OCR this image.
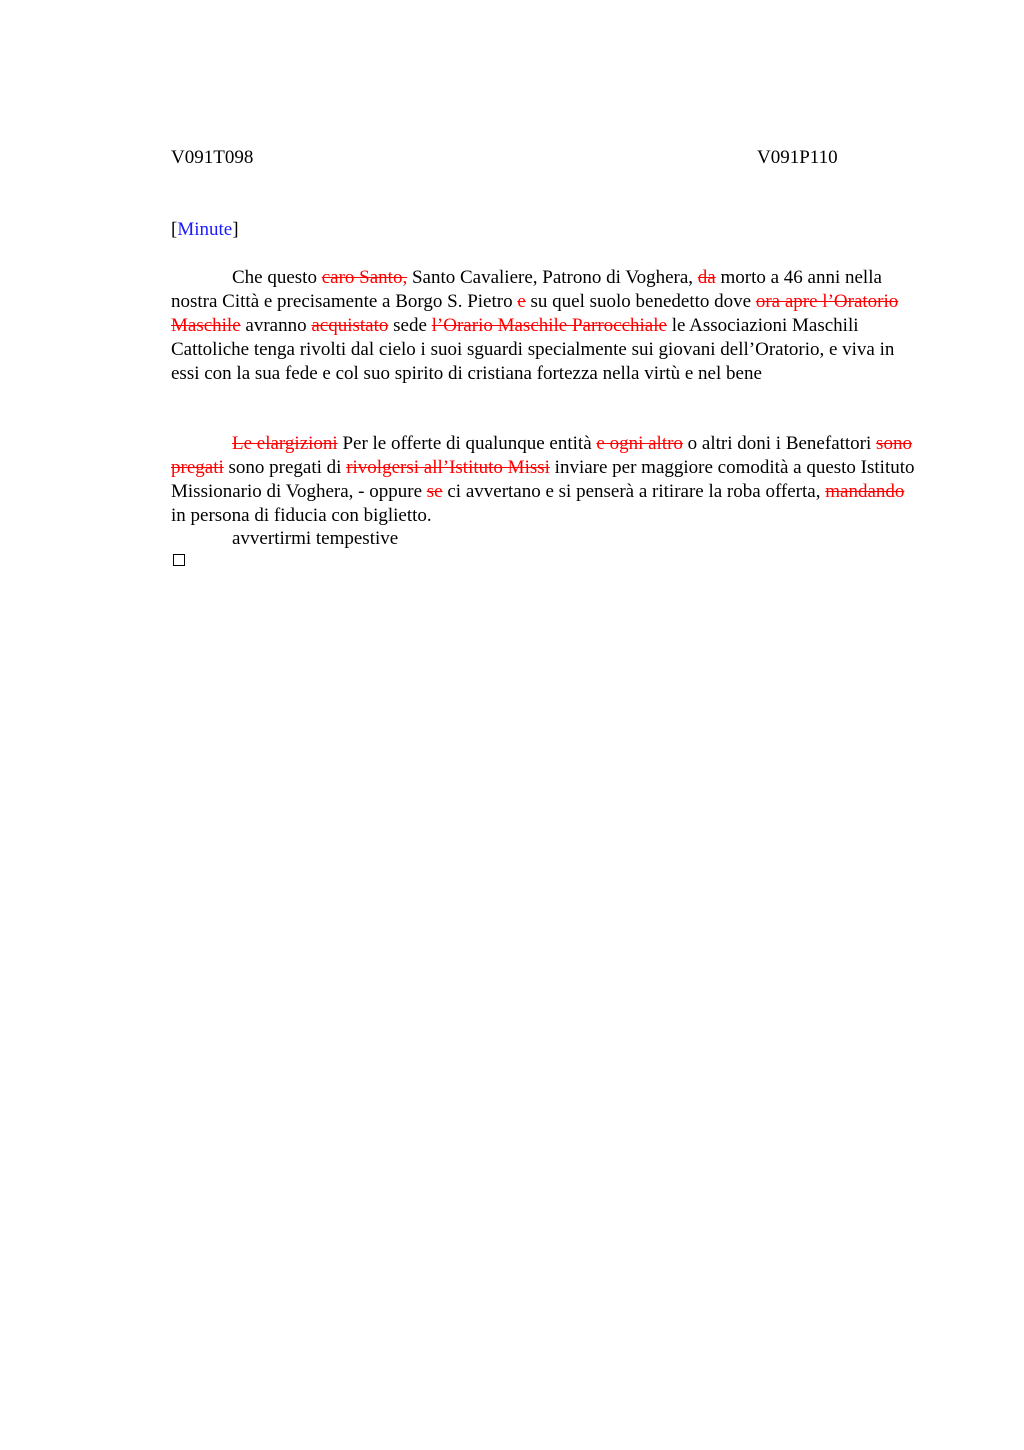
V091T098	V091P110
[Minute]

Che questo caro Santo, Santo Cavaliere, Patrono di Voghera, da morto a 46 anni nella nostra Città e precisamente a Borgo S. Pietro e su quel suolo benedetto dove ora apre l’Oratorio Maschile avranno acquistato sede l’Orario Maschile Parrocchiale le Associazioni Maschili Cattoliche tenga rivolti dal cielo i suoi sguardi specialmente sui giovani dell’Oratorio, e viva in essi con la sua fede e col suo spirito di cristiana fortezza nella virtù e nel bene

Le elargizioni Per le offerte di qualunque entità e ogni altro o altri doni i Benefattori sono pregati sono pregati di rivolgersi all’Istituto Missi inviare per maggiore comodità a questo Istituto Missionario di Voghera, - oppure se ci avvertano e si penserà a ritirare la roba offerta, mandando in persona di fiducia con biglietto.

avvertirmi tempestive
